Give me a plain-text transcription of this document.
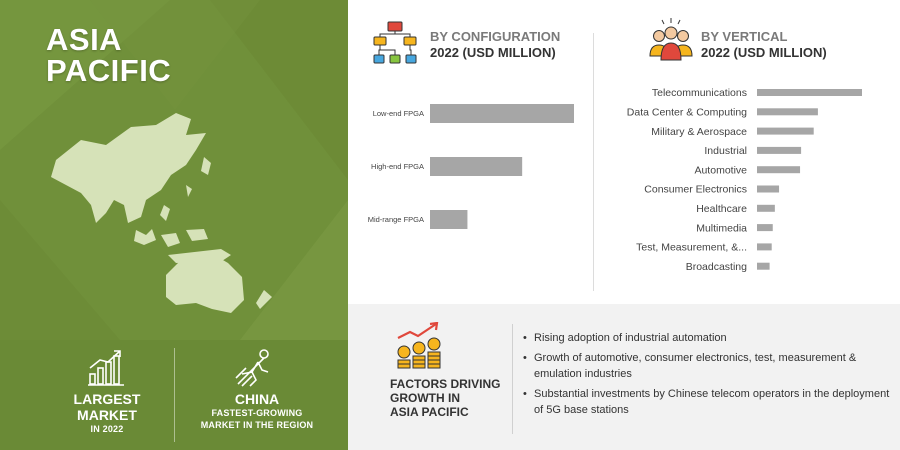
ASIA
PACIFIC
LARGEST
MARKET
IN 2022
CHINA
FASTEST-GROWING
MARKET IN THE REGION
BY CONFIGURATION
2022 (USD MILLION)
Low-end FPGA
High-end FPGA
Mid-range FPGA
BY VERTICAL
2022 (USD MILLION)
Telecommunications
Data Center & Computing
Military & Aerospace
Industrial
Automotive
Consumer Electronics
Healthcare
Multimedia
Test, Measurement, &...
Broadcasting
FACTORS DRIVING
GROWTH IN
ASIA PACIFIC
• Rising adoption of industrial automation
• Growth of automotive, consumer electronics, test, measurement & emulation industries
• Substantial investments by Chinese telecom operators in the deployment of 5G base stations
